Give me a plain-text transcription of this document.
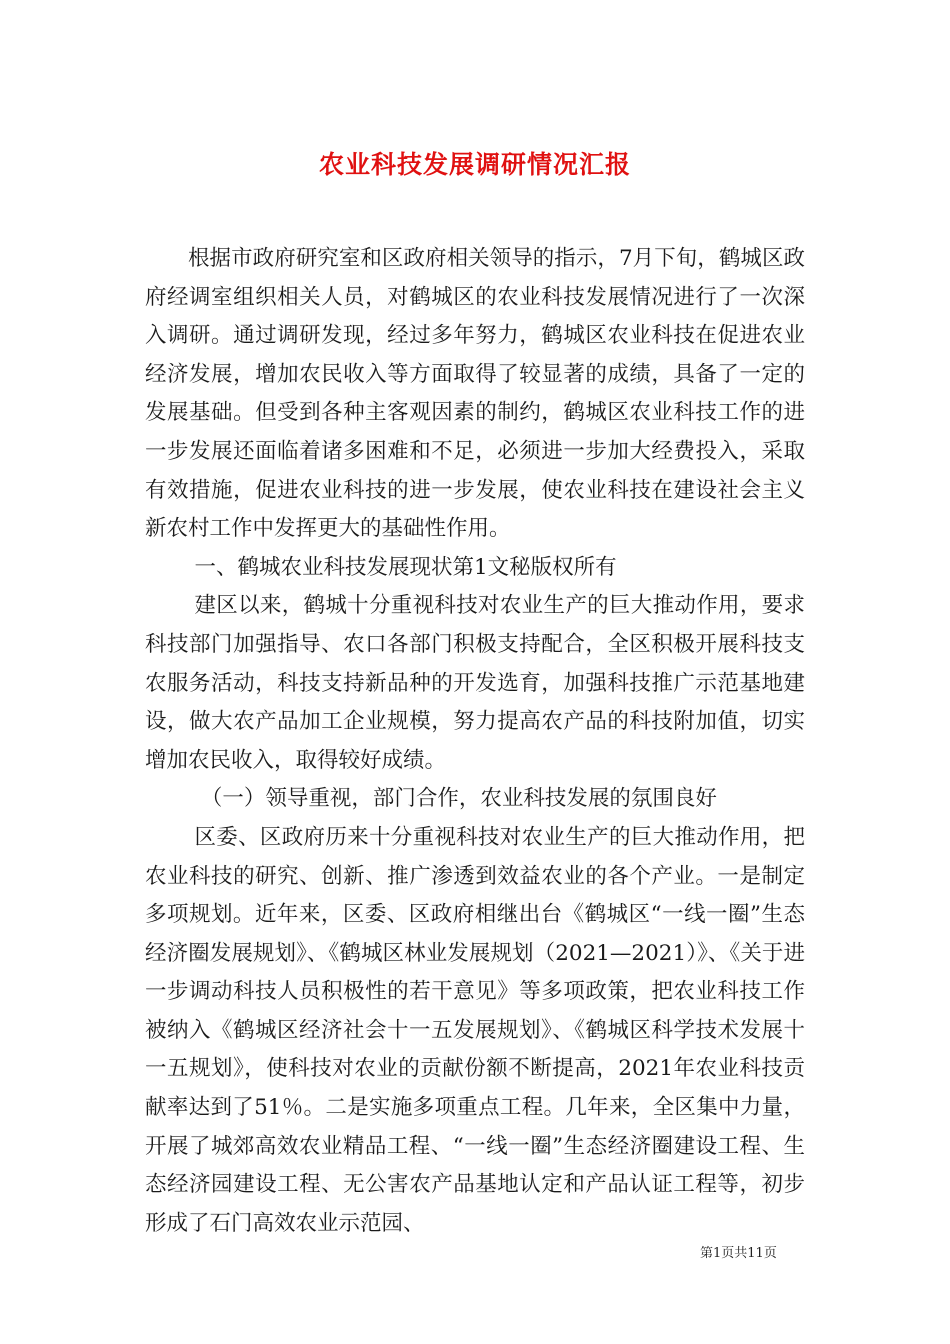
农业科技发展调研情况汇报

根据市政府研究室和区政府相关领导的指示，7月下旬，鹤城区政府经调室组织相关人员，对鹤城区的农业科技发展情况进行了一次深入调研。通过调研发现，经过多年努力，鹤城区农业科技在促进农业经济发展，增加农民收入等方面取得了较显著的成绩，具备了一定的发展基础。但受到各种主客观因素的制约，鹤城区农业科技工作的进一步发展还面临着诸多困难和不足，必须进一步加大经费投入，采取有效措施，促进农业科技的进一步发展，使农业科技在建设社会主义新农村工作中发挥更大的基础性作用。

一、鹤城农业科技发展现状第1文秘版权所有

建区以来，鹤城十分重视科技对农业生产的巨大推动作用，要求科技部门加强指导、农口各部门积极支持配合，全区积极开展科技支农服务活动，科技支持新品种的开发选育，加强科技推广示范基地建设，做大农产品加工企业规模，努力提高农产品的科技附加值，切实增加农民收入，取得较好成绩。

（一）领导重视，部门合作，农业科技发展的氛围良好

区委、区政府历来十分重视科技对农业生产的巨大推动作用，把农业科技的研究、创新、推广渗透到效益农业的各个产业。一是制定多项规划。近年来，区委、区政府相继出台《鹤城区“一线一圈”生态经济圈发展规划》、《鹤城区林业发展规划（2021—2021）》、《关于进一步调动科技人员积极性的若干意见》等多项政策，把农业科技工作被纳入《鹤城区经济社会十一五发展规划》、《鹤城区科学技术发展十一五规划》，使科技对农业的贡献份额不断提高，2021年农业科技贡献率达到了51％。二是实施多项重点工程。几年来，全区集中力量，开展了城郊高效农业精品工程、“一线一圈”生态经济圈建设工程、生态经济园建设工程、无公害农产品基地认定和产品认证工程等，初步形成了石门高效农业示范园、

第1页共11页
